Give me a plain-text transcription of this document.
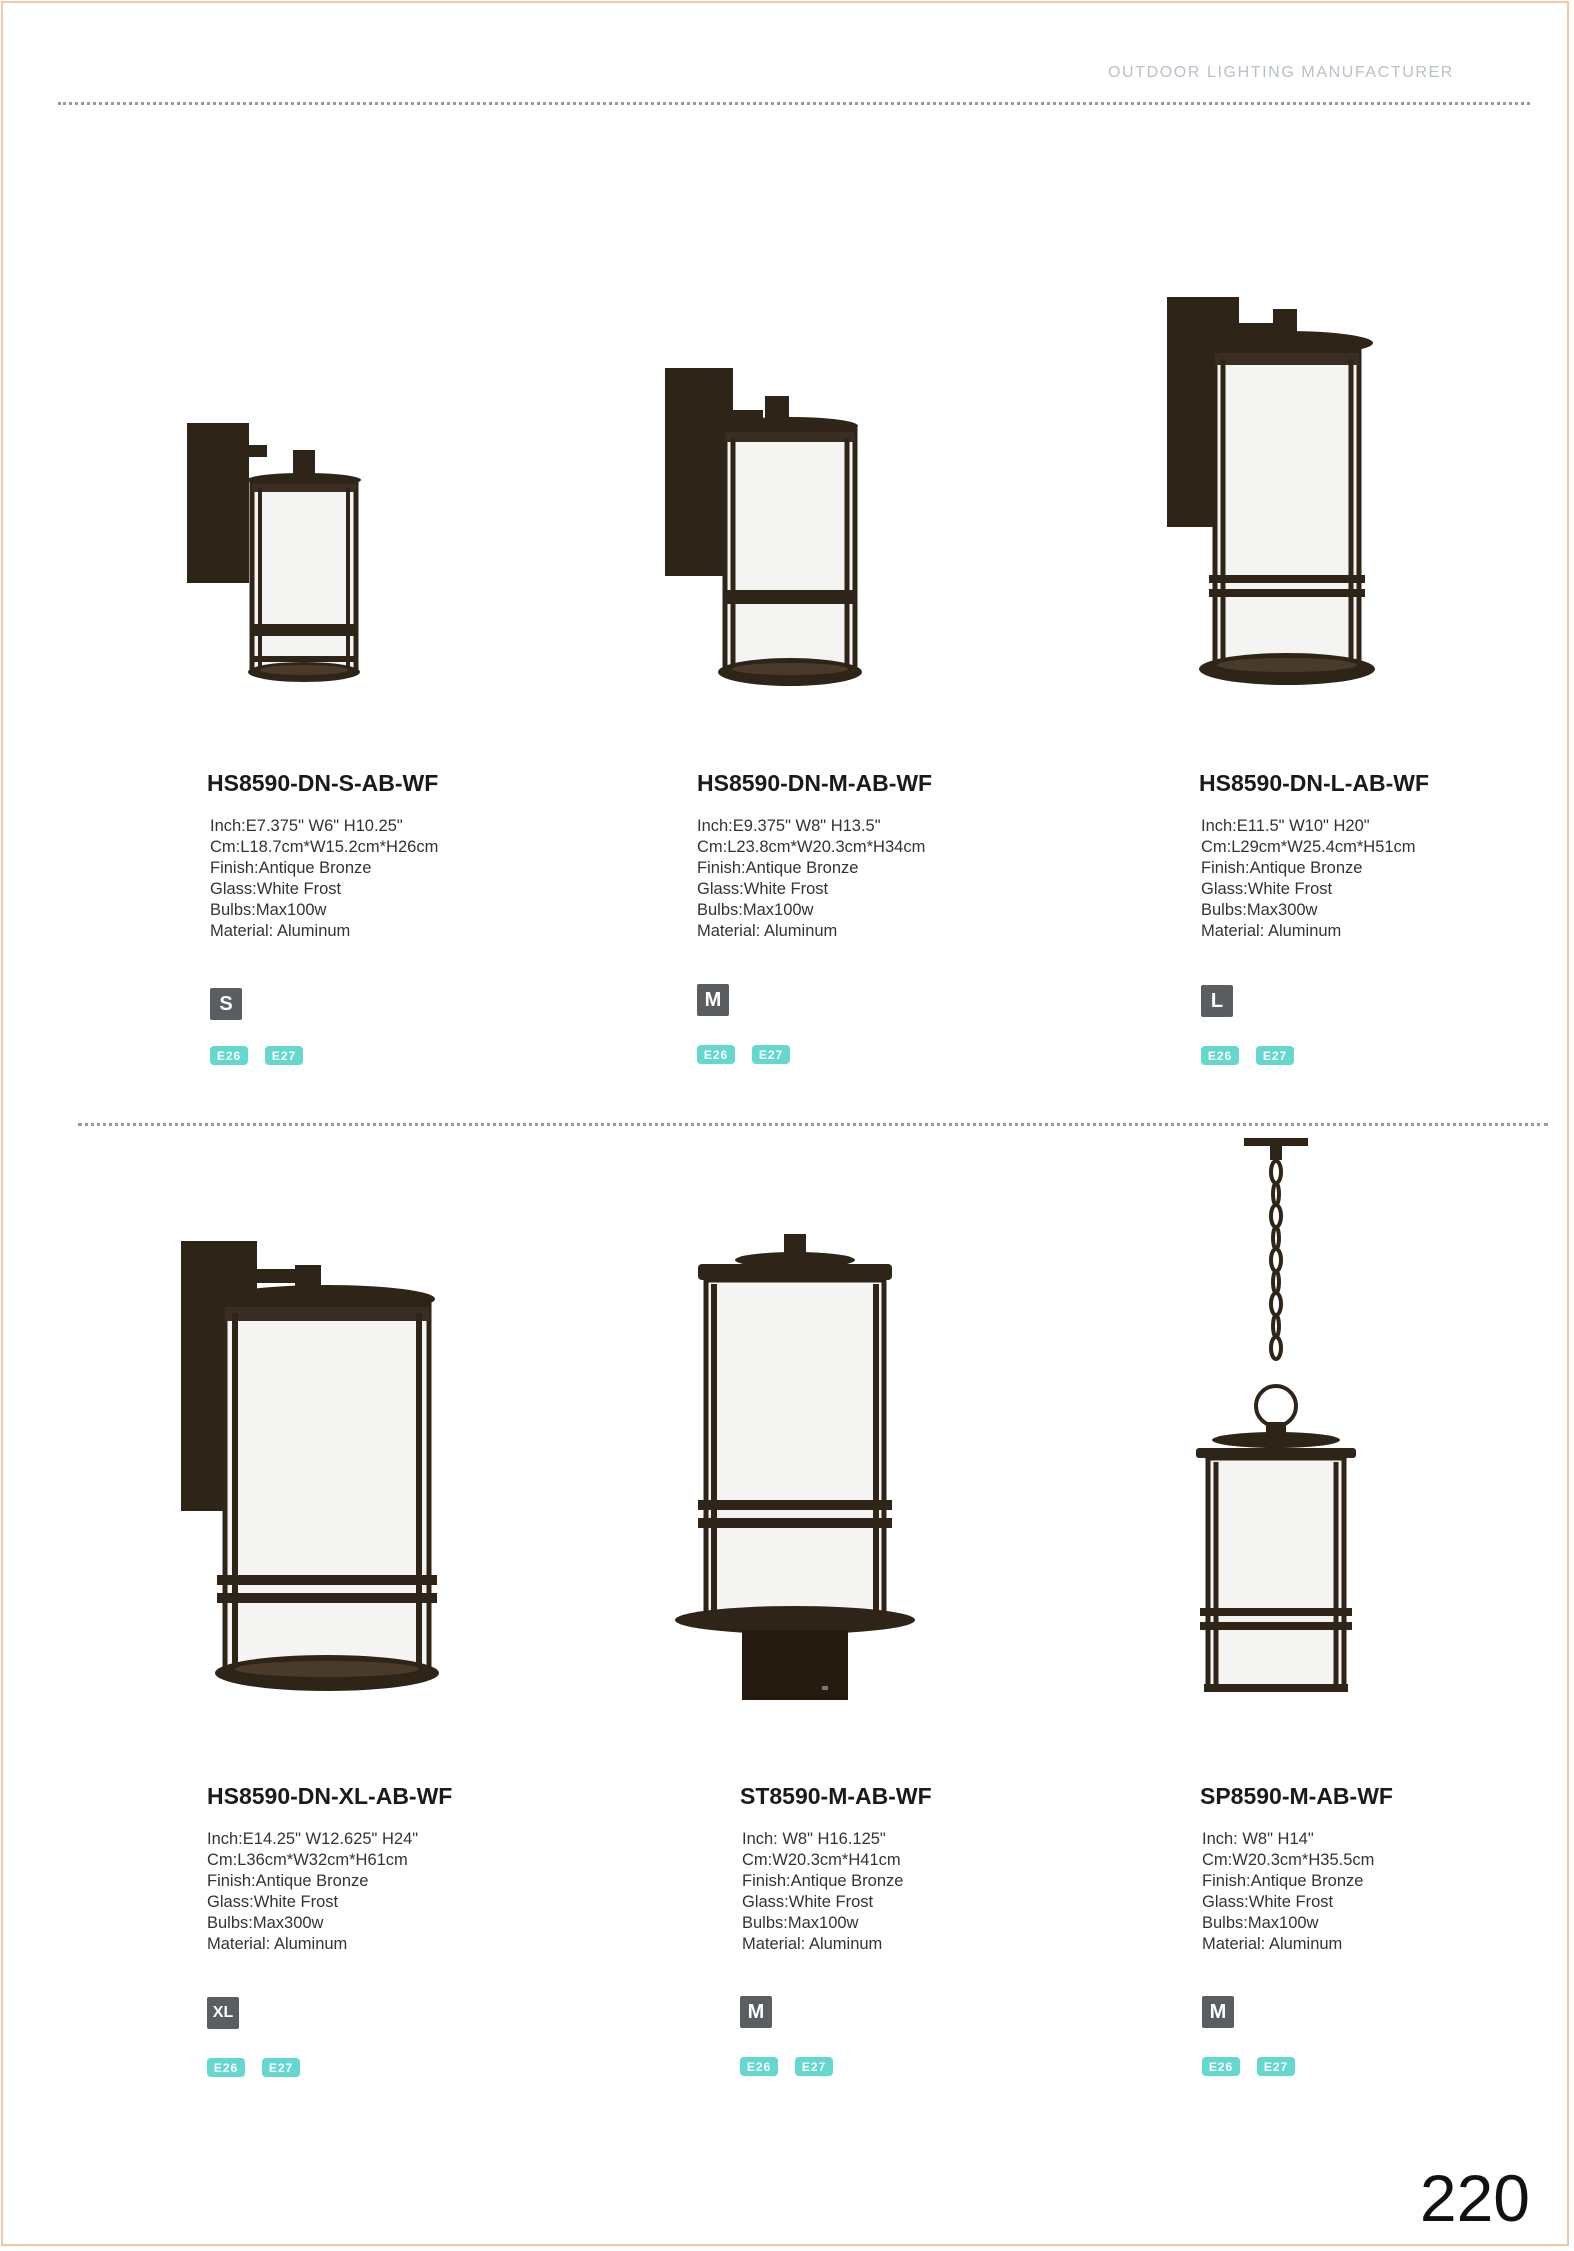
OUTDOOR LIGHTING MANUFACTURER
HS8590-DN-S-AB-WF
Inch:E7.375" W6" H10.25"
Cm:L18.7cm*W15.2cm*H26cm
Finish:Antique Bronze
Glass:White Frost
Bulbs:Max100w
Material: Aluminum
S
E26	E27
HS8590-DN-M-AB-WF
Inch:E9.375" W8" H13.5"
Cm:L23.8cm*W20.3cm*H34cm
Finish:Antique Bronze
Glass:White Frost
Bulbs:Max100w
Material: Aluminum
M
E26	E27
HS8590-DN-L-AB-WF
Inch:E11.5" W10" H20"
Cm:L29cm*W25.4cm*H51cm
Finish:Antique Bronze
Glass:White Frost
Bulbs:Max300w
Material: Aluminum
L
E26	E27
HS8590-DN-XL-AB-WF
Inch:E14.25" W12.625" H24"
Cm:L36cm*W32cm*H61cm
Finish:Antique Bronze
Glass:White Frost
Bulbs:Max300w
Material: Aluminum
XL
E26	E27
ST8590-M-AB-WF
Inch: W8" H16.125"
Cm:W20.3cm*H41cm
Finish:Antique Bronze
Glass:White Frost
Bulbs:Max100w
Material: Aluminum
M
E26	E27
SP8590-M-AB-WF
Inch: W8" H14"
Cm:W20.3cm*H35.5cm
Finish:Antique Bronze
Glass:White Frost
Bulbs:Max100w
Material: Aluminum
M
E26	E27
220
